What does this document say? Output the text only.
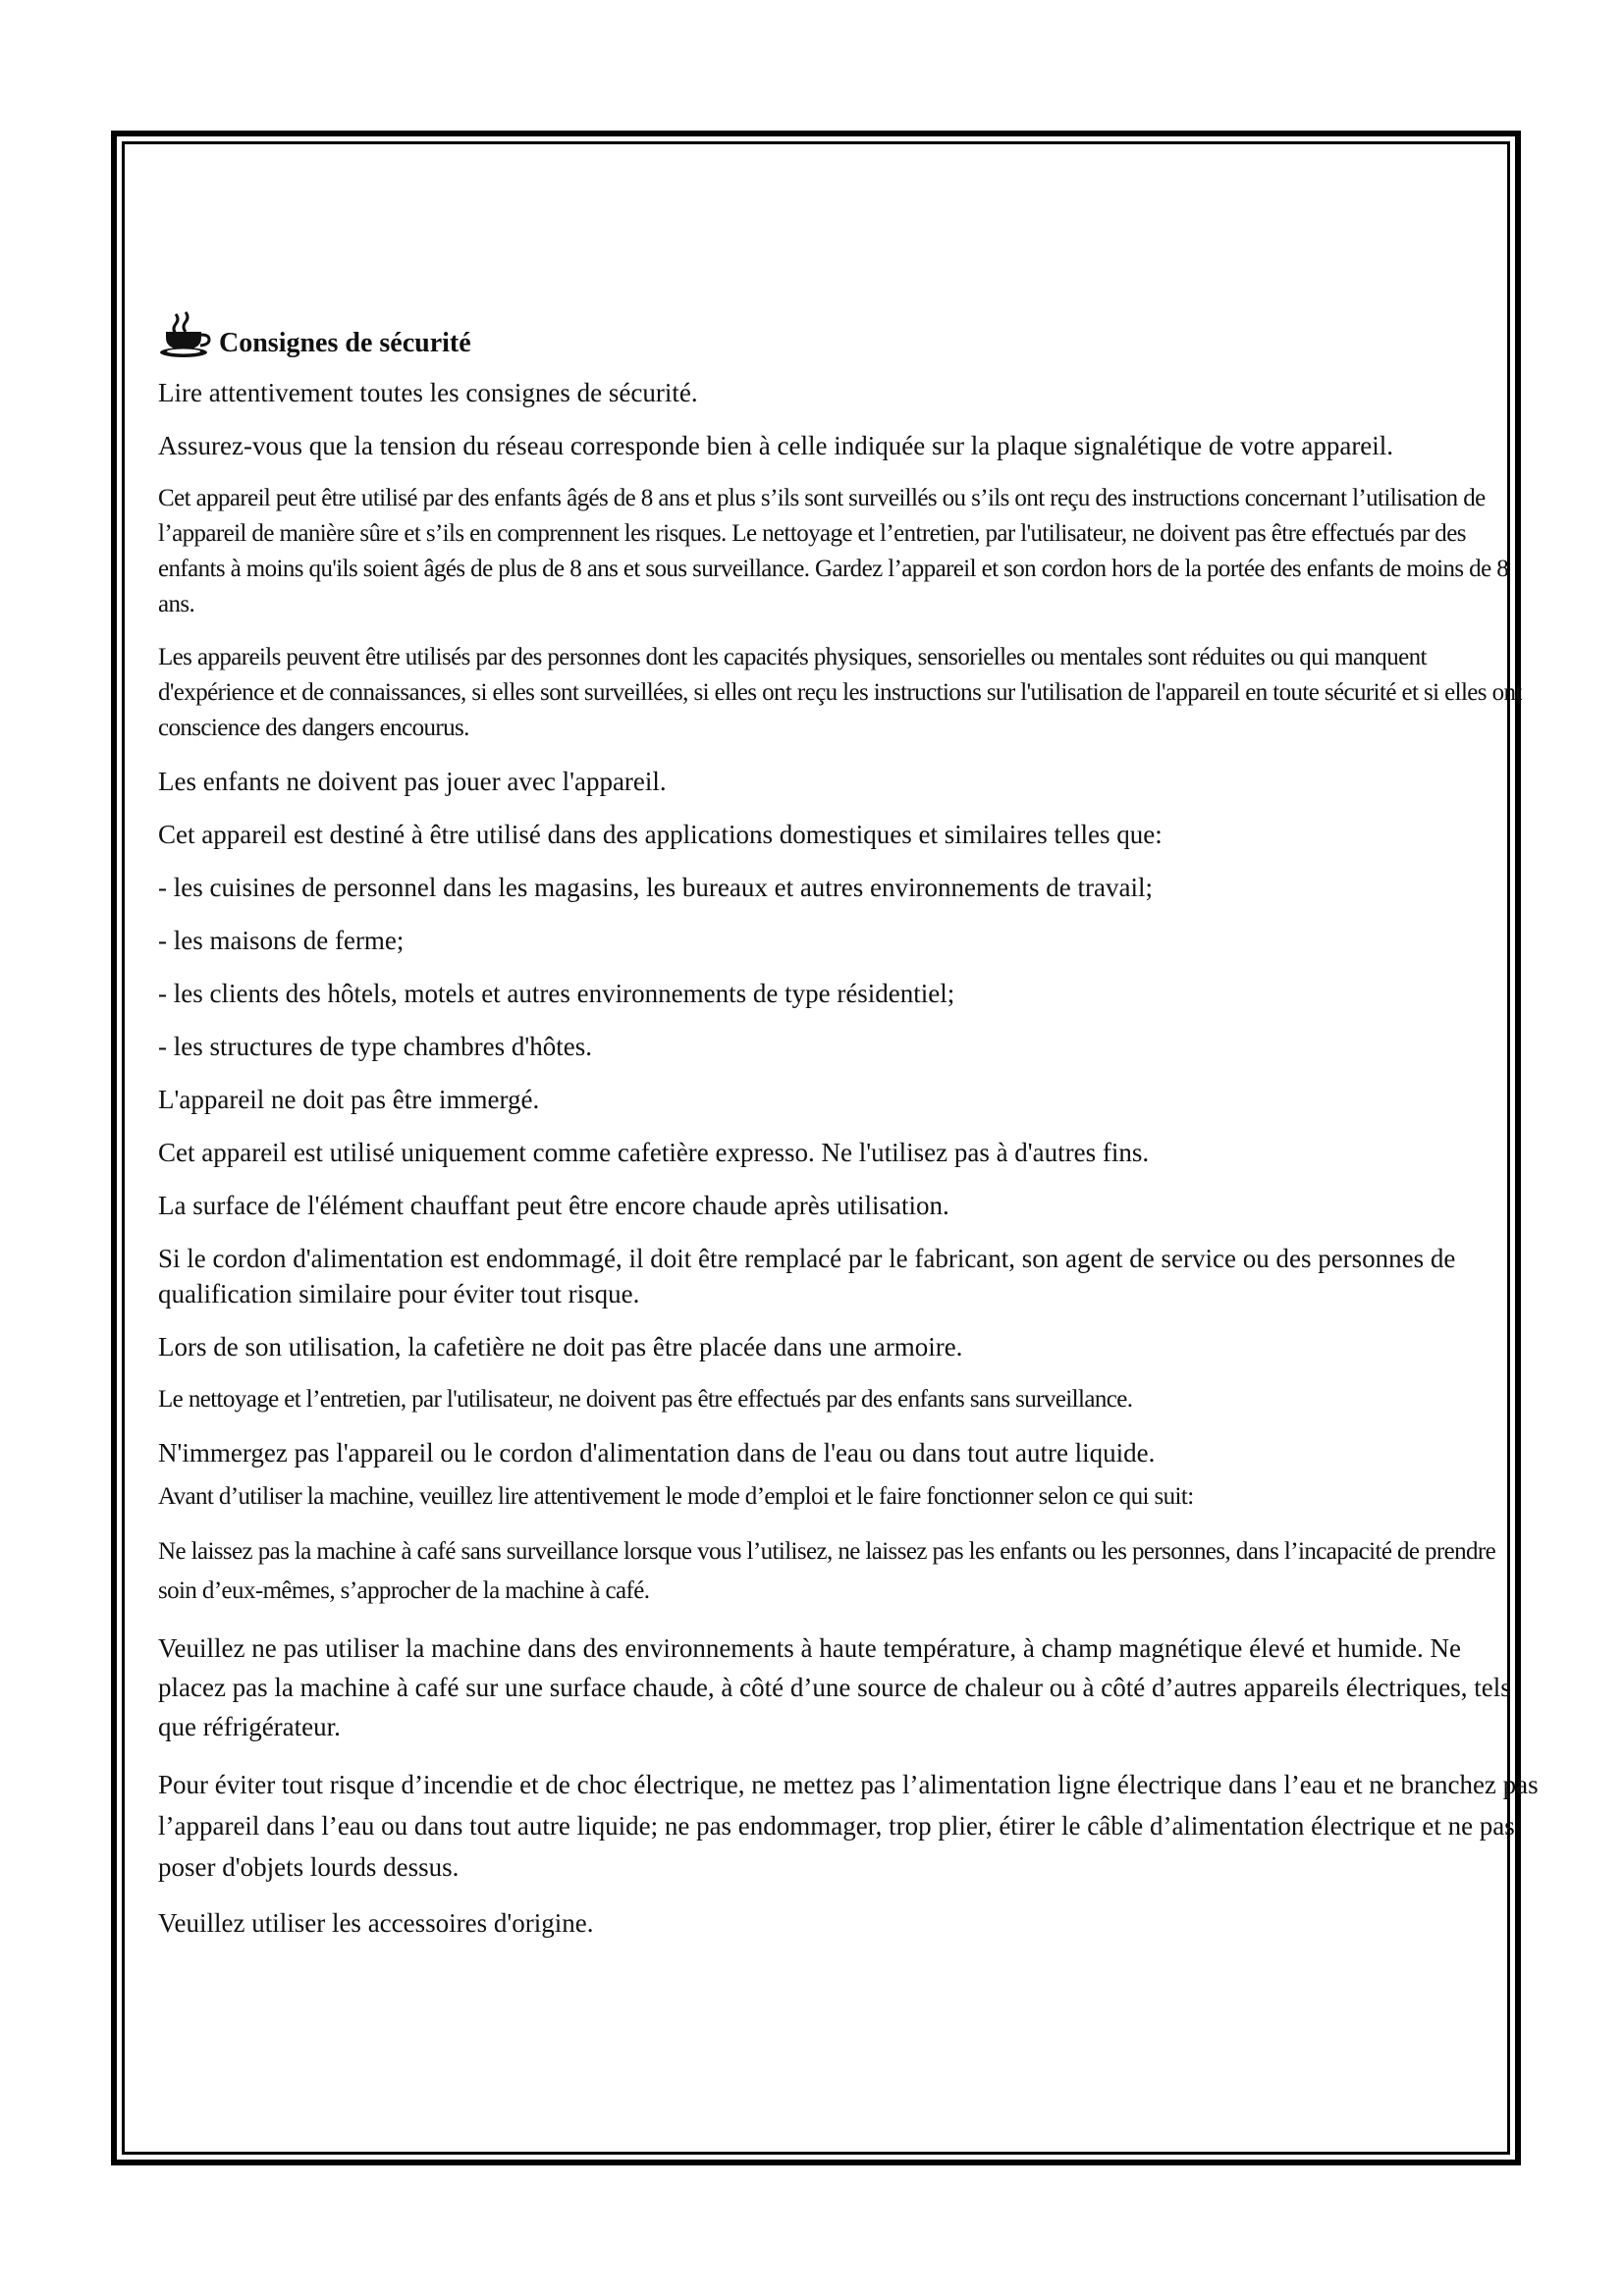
Consignes de sécurité

Lire attentivement toutes les consignes de sécurité.

Assurez-vous que la tension du réseau corresponde bien à celle indiquée sur la plaque signalétique de votre appareil.

Cet appareil peut être utilisé par des enfants âgés de 8 ans et plus s’ils sont surveillés ou s’ils ont reçu des instructions concernant l’utilisation de l’appareil de manière sûre et s’ils en comprennent les risques. Le nettoyage et l’entretien, par l'utilisateur, ne doivent pas être effectués par des enfants à moins qu'ils soient âgés de plus de 8 ans et sous surveillance. Gardez l’appareil et son cordon hors de la portée des enfants de moins de 8 ans.

Les appareils peuvent être utilisés par des personnes dont les capacités physiques, sensorielles ou mentales sont réduites ou qui manquent d'expérience et de connaissances, si elles sont surveillées, si elles ont reçu les instructions sur l'utilisation de l'appareil en toute sécurité et si elles ont conscience des dangers encourus.

Les enfants ne doivent pas jouer avec l'appareil.

Cet appareil est destiné à être utilisé dans des applications domestiques et similaires telles que:

- les cuisines de personnel dans les magasins, les bureaux et autres environnements de travail;

- les maisons de ferme;

- les clients des hôtels, motels et autres environnements de type résidentiel;

- les structures de type chambres d'hôtes.

L'appareil ne doit pas être immergé.

Cet appareil est utilisé uniquement comme cafetière expresso. Ne l'utilisez pas à d'autres fins.

La surface de l'élément chauffant peut être encore chaude après utilisation.

Si le cordon d'alimentation est endommagé, il doit être remplacé par le fabricant, son agent de service ou des personnes de qualification similaire pour éviter tout risque.

Lors de son utilisation, la cafetière ne doit pas être placée dans une armoire.

Le nettoyage et l’entretien, par l'utilisateur, ne doivent pas être effectués par des enfants sans surveillance.

N'immergez pas l'appareil ou le cordon d'alimentation dans de l'eau ou dans tout autre liquide.

Avant d’utiliser la machine, veuillez lire attentivement le mode d’emploi et le faire fonctionner selon ce qui suit:

Ne laissez pas la machine à café sans surveillance lorsque vous l’utilisez, ne laissez pas les enfants ou les personnes, dans l’incapacité de prendre soin d’eux-mêmes, s’approcher de la machine à café.

Veuillez ne pas utiliser la machine dans des environnements à haute température, à champ magnétique élevé et humide. Ne placez pas la machine à café sur une surface chaude, à côté d’une source de chaleur ou à côté d’autres appareils électriques, tels que réfrigérateur.

Pour éviter tout risque d’incendie et de choc électrique, ne mettez pas l’alimentation ligne électrique dans l’eau et ne branchez pas l’appareil dans l’eau ou dans tout autre liquide; ne pas endommager, trop plier, étirer le câble d’alimentation électrique et ne pas poser d'objets lourds dessus.

Veuillez utiliser les accessoires d'origine.
